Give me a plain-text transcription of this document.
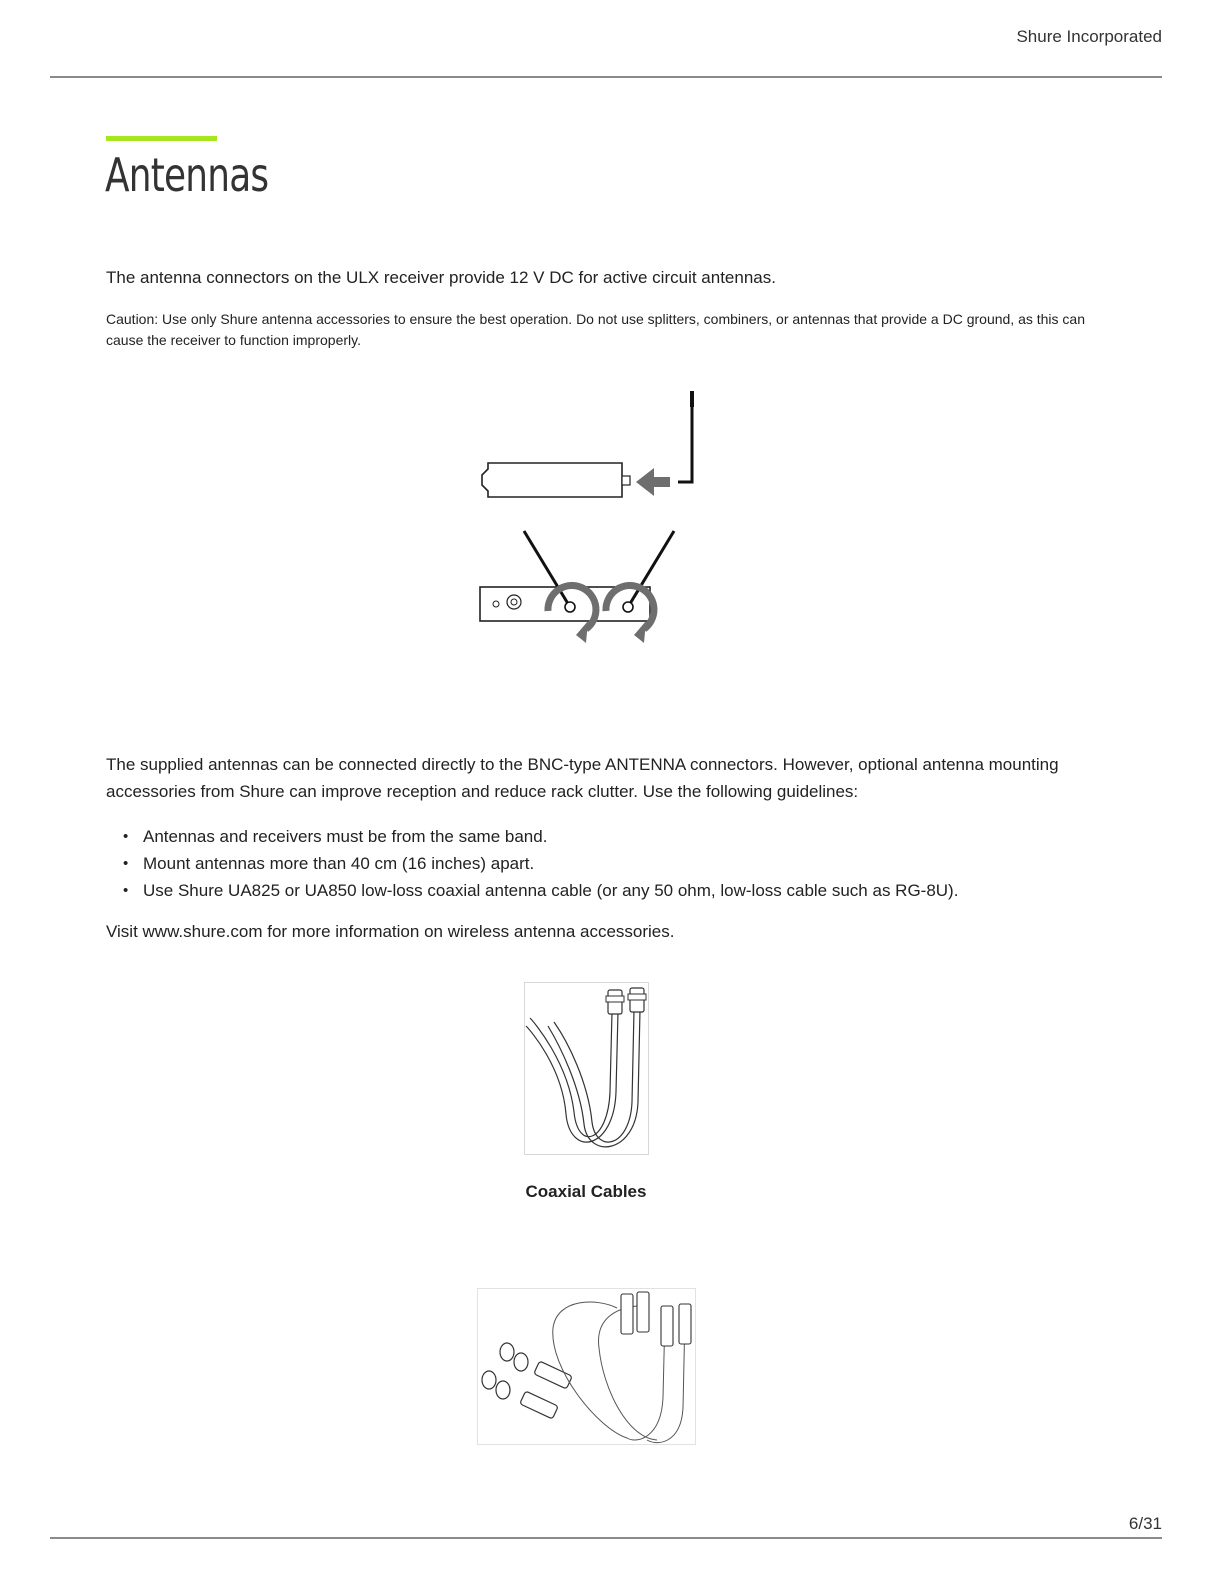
Shure Incorporated
Antennas

The antenna connectors on the ULX receiver provide 12 V DC for active circuit antennas.

Caution: Use only Shure antenna accessories to ensure the best operation. Do not use splitters, combiners, or antennas that provide a DC ground, as this can cause the receiver to function improperly.

The supplied antennas can be connected directly to the BNC-type ANTENNA connectors. However, optional antenna mounting accessories from Shure can improve reception and reduce rack clutter. Use the following guidelines:

• Antennas and receivers must be from the same band.
• Mount antennas more than 40 cm (16 inches) apart.
• Use Shure UA825 or UA850 low-loss coaxial antenna cable (or any 50 ohm, low-loss cable such as RG-8U).

Visit www.shure.com for more information on wireless antenna accessories.

Coaxial Cables

6/31
